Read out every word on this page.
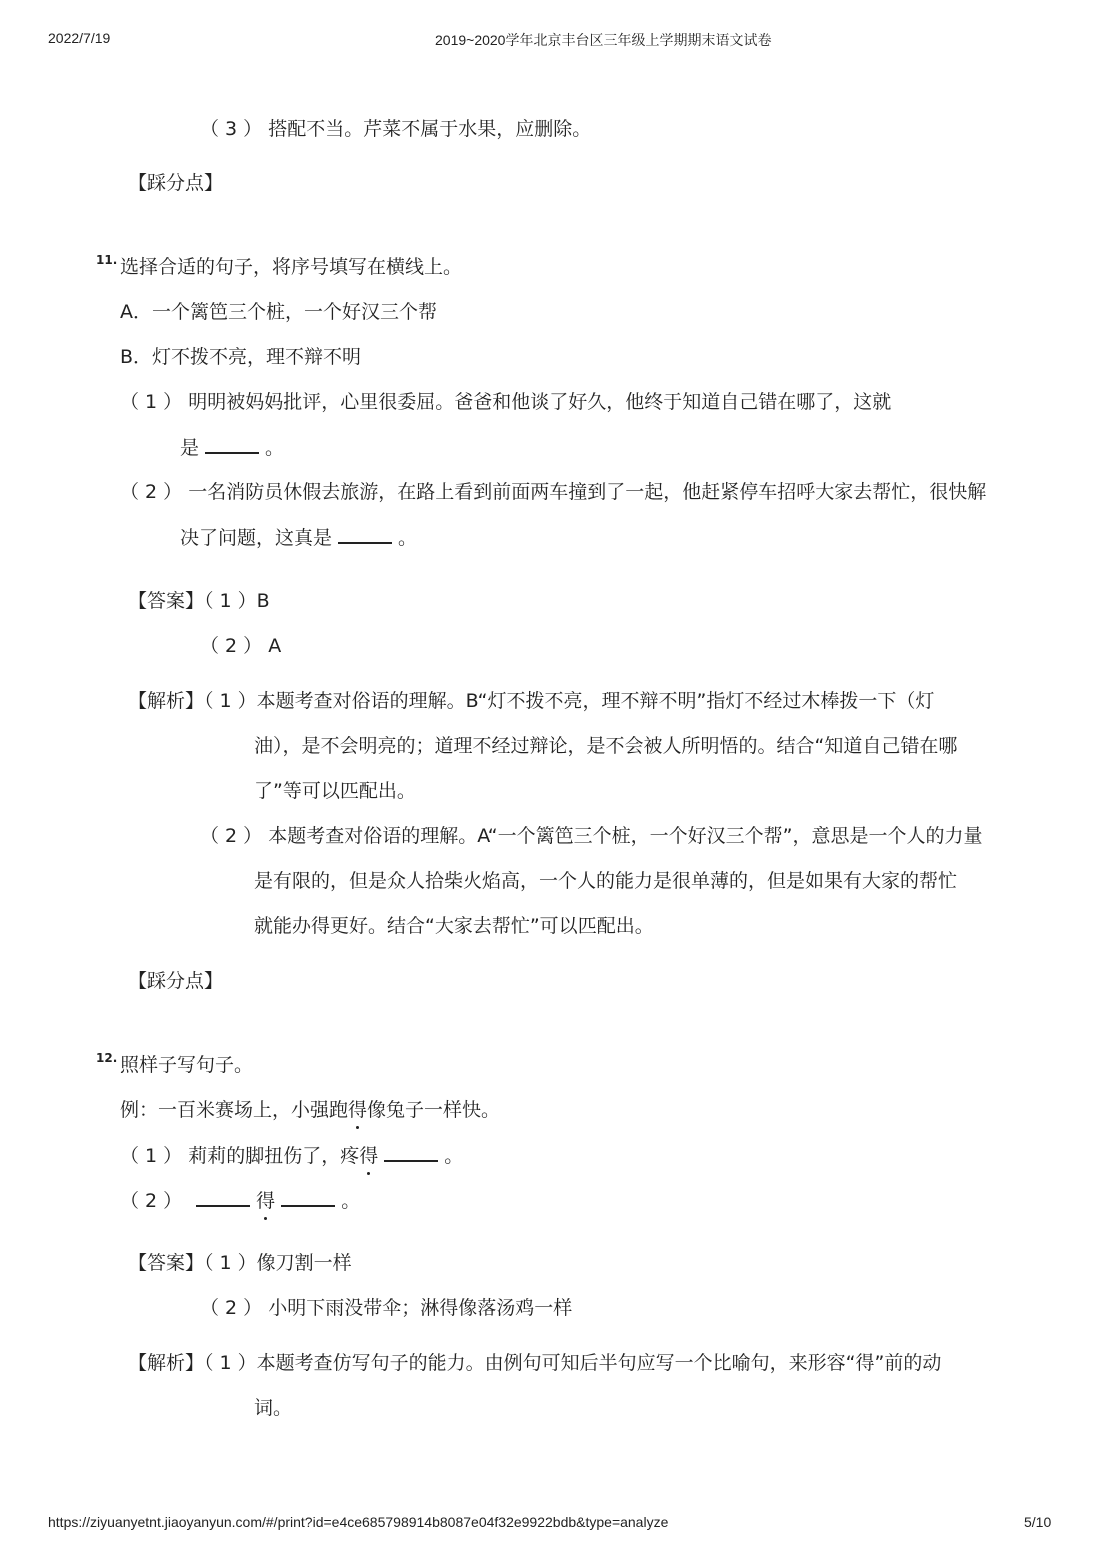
2022/7/19	2019~2020学年北京丰台区三年级上学期期末语文试卷
（ 3 ） 搭配不当。芹菜不属于水果，应删除。
【踩分点】
11. 选择合适的句子，将序号填写在横线上。
A．一个篱笆三个桩，一个好汉三个帮
B．灯不拨不亮，理不辩不明
（ 1 ） 明明被妈妈批评，心里很委屈。爸爸和他谈了好久，他终于知道自己错在哪了，这就
是	。
（ 2 ） 一名消防员休假去旅游，在路上看到前面两车撞到了一起，他赶紧停车招呼大家去帮忙，很快解
决了问题，这真是	。
【答案】（ 1 ）B
（ 2 ） A
【解析】（ 1 ）本题考查对俗语的理解。B“灯不拨不亮，理不辩不明”指灯不经过木棒拨一下（灯
油），是不会明亮的；道理不经过辩论，是不会被人所明悟的。结合“知道自己错在哪
了”等可以匹配出。
（ 2 ） 本题考查对俗语的理解。A“一个篱笆三个桩，一个好汉三个帮”，意思是一个人的力量
是有限的，但是众人拾柴火焰高，一个人的能力是很单薄的，但是如果有大家的帮忙
就能办得更好。结合“大家去帮忙”可以匹配出。
【踩分点】
12. 照样子写句子。
例：一百米赛场上，小强跑得像兔子一样快。
（ 1 ） 莉莉的脚扭伤了，疼得	。
（ 2 ）	得	。
【答案】（ 1 ）像刀割一样
（ 2 ） 小明下雨没带伞；淋得像落汤鸡一样
【解析】（ 1 ）本题考查仿写句子的能力。由例句可知后半句应写一个比喻句，来形容“得”前的动
词。
https://ziyuanyetnt.jiaoyanyun.com/#/print?id=e4ce685798914b8087e04f32e9922bdb&type=analyze	5/10
